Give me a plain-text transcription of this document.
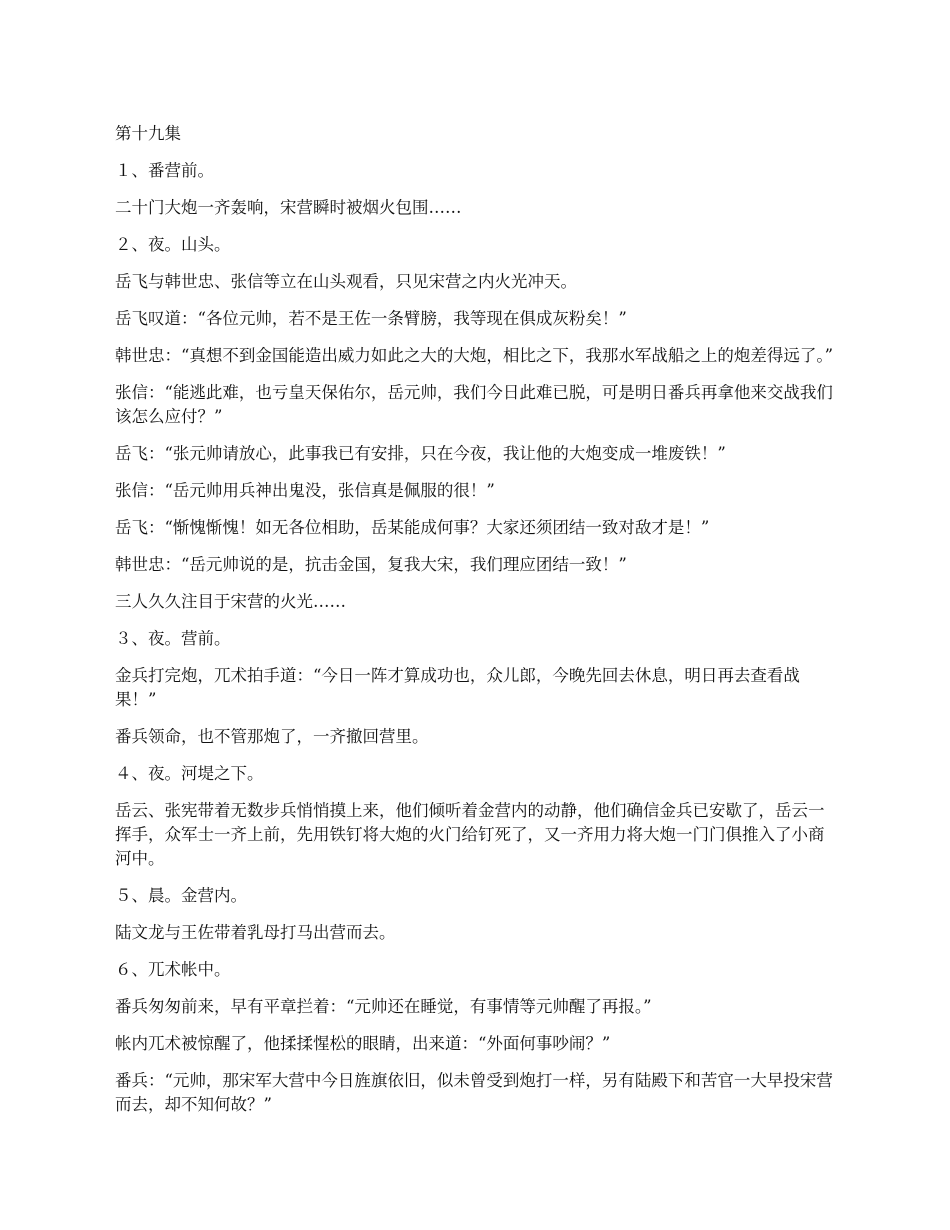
第十九集

１、番营前。

二十门大炮一齐轰响，宋营瞬时被烟火包围……

２、夜。山头。

岳飞与韩世忠、张信等立在山头观看，只见宋营之内火光冲天。

岳飞叹道：“各位元帅，若不是王佐一条臂膀，我等现在俱成灰粉矣！”

韩世忠：“真想不到金国能造出威力如此之大的大炮，相比之下，我那水军战船之上的炮差得远了。”

张信：“能逃此难，也亏皇天保佑尔，岳元帅，我们今日此难已脱，可是明日番兵再拿他来交战我们该怎么应付？”

岳飞：“张元帅请放心，此事我已有安排，只在今夜，我让他的大炮变成一堆废铁！”

张信：“岳元帅用兵神出鬼没，张信真是佩服的很！”

岳飞：“惭愧惭愧！如无各位相助，岳某能成何事？大家还须团结一致对敌才是！”

韩世忠：“岳元帅说的是，抗击金国，复我大宋，我们理应团结一致！”

三人久久注目于宋营的火光……

３、夜。营前。

金兵打完炮，兀术拍手道：“今日一阵才算成功也，众儿郎，今晚先回去休息，明日再去查看战果！”

番兵领命，也不管那炮了，一齐撤回营里。

４、夜。河堤之下。

岳云、张宪带着无数步兵悄悄摸上来，他们倾听着金营内的动静，他们确信金兵已安歇了，岳云一挥手，众军士一齐上前，先用铁钉将大炮的火门给钉死了，又一齐用力将大炮一门门俱推入了小商河中。

５、晨。金营内。

陆文龙与王佐带着乳母打马出营而去。

６、兀术帐中。

番兵匆匆前来，早有平章拦着：“元帅还在睡觉，有事情等元帅醒了再报。”

帐内兀术被惊醒了，他揉揉惺松的眼睛，出来道：“外面何事吵闹？”

番兵：“元帅，那宋军大营中今日旌旗依旧，似未曾受到炮打一样，另有陆殿下和苦官一大早投宋营而去，却不知何故？”
